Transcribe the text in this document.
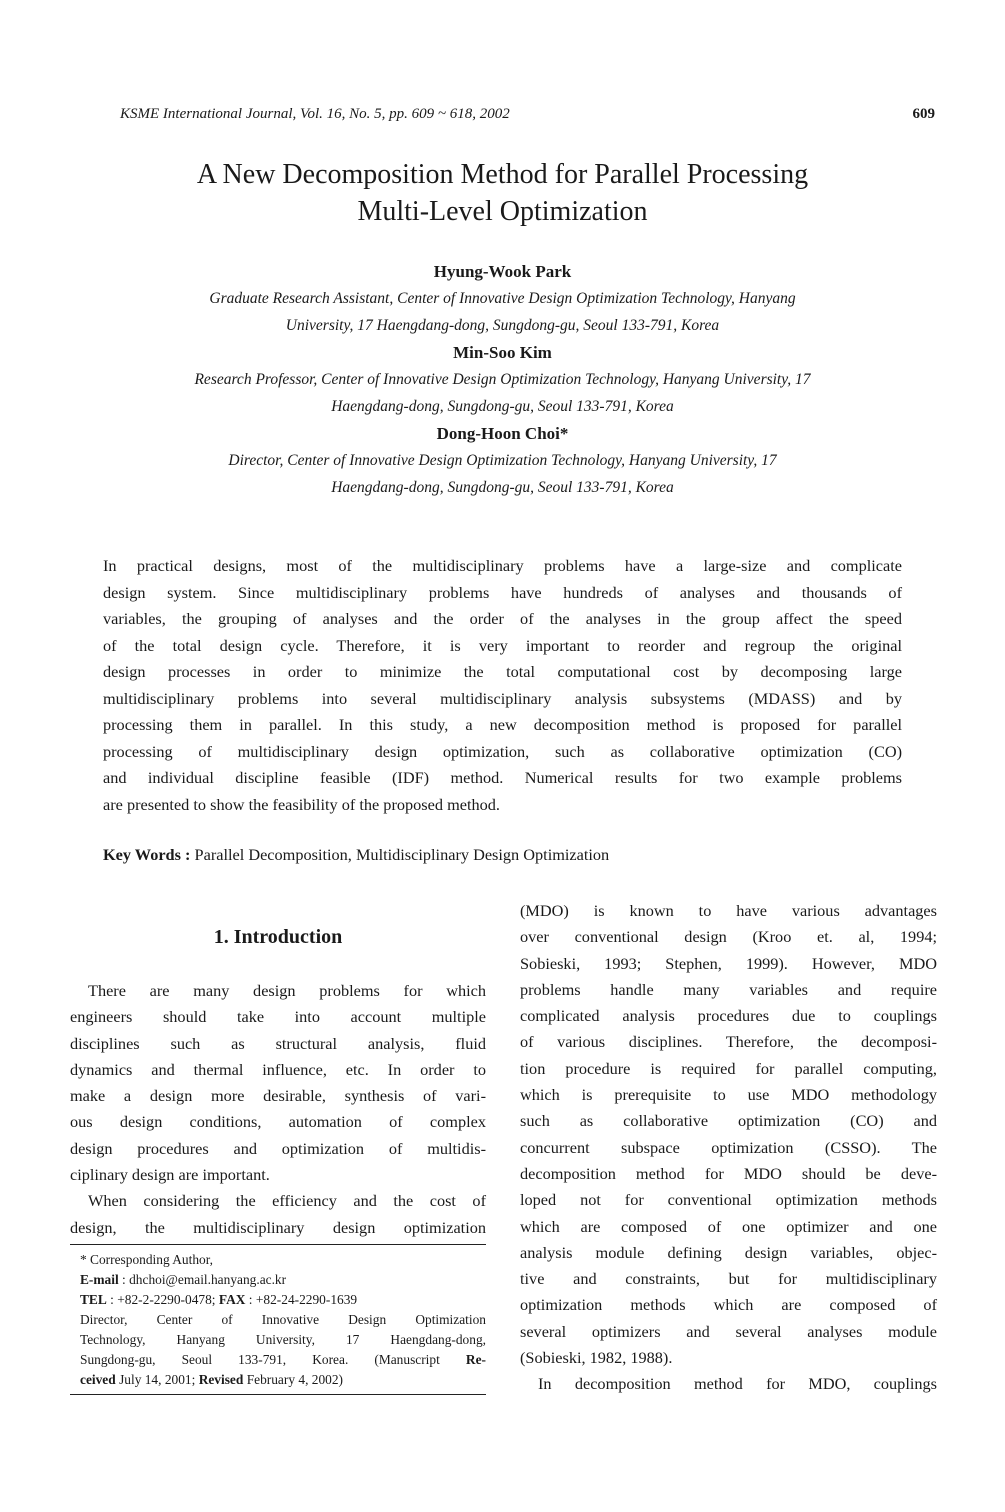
KSME International Journal, Vol. 16, No. 5, pp. 609 ~ 618, 2002	609
A New Decomposition Method for Parallel Processing
Multi-Level Optimization
Hyung-Wook Park
Graduate Research Assistant, Center of Innovative Design Optimization Technology, Hanyang
University, 17 Haengdang-dong, Sungdong-gu, Seoul 133-791, Korea
Min-Soo Kim
Research Professor, Center of Innovative Design Optimization Technology, Hanyang University, 17
Haengdang-dong, Sungdong-gu, Seoul 133-791, Korea
Dong-Hoon Choi*
Director, Center of Innovative Design Optimization Technology, Hanyang University, 17
Haengdang-dong, Sungdong-gu, Seoul 133-791, Korea
In practical designs, most of the multidisciplinary problems have a large-size and complicate
design system. Since multidisciplinary problems have hundreds of analyses and thousands of
variables, the grouping of analyses and the order of the analyses in the group affect the speed
of the total design cycle. Therefore, it is very important to reorder and regroup the original
design processes in order to minimize the total computational cost by decomposing large
multidisciplinary problems into several multidisciplinary analysis subsystems (MDASS) and by
processing them in parallel. In this study, a new decomposition method is proposed for parallel
processing of multidisciplinary design optimization, such as collaborative optimization (CO)
and individual discipline feasible (IDF) method. Numerical results for two example problems
are presented to show the feasibility of the proposed method.
Key Words : Parallel Decomposition, Multidisciplinary Design Optimization
1. Introduction
There are many design problems for which
engineers should take into account multiple
disciplines such as structural analysis, fluid
dynamics and thermal influence, etc. In order to
make a design more desirable, synthesis of vari-
ous design conditions, automation of complex
design procedures and optimization of multidis-
ciplinary design are important.
When considering the efficiency and the cost of
design, the multidisciplinary design optimization
* Corresponding Author,
E-mail : dhchoi@email.hanyang.ac.kr
TEL : +82-2-2290-0478; FAX : +82-24-2290-1639
Director, Center of Innovative Design Optimization
Technology, Hanyang University, 17 Haengdang-dong,
Sungdong-gu, Seoul 133-791, Korea. (Manuscript Re-
ceived July 14, 2001; Revised February 4, 2002)
(MDO) is known to have various advantages
over conventional design (Kroo et. al, 1994;
Sobieski, 1993; Stephen, 1999). However, MDO
problems handle many variables and require
complicated analysis procedures due to couplings
of various disciplines. Therefore, the decomposi-
tion procedure is required for parallel computing,
which is prerequisite to use MDO methodology
such as collaborative optimization (CO) and
concurrent subspace optimization (CSSO). The
decomposition method for MDO should be deve-
loped not for conventional optimization methods
which are composed of one optimizer and one
analysis module defining design variables, objec-
tive and constraints, but for multidisciplinary
optimization methods which are composed of
several optimizers and several analyses module
(Sobieski, 1982, 1988).
In decomposition method for MDO, couplings
